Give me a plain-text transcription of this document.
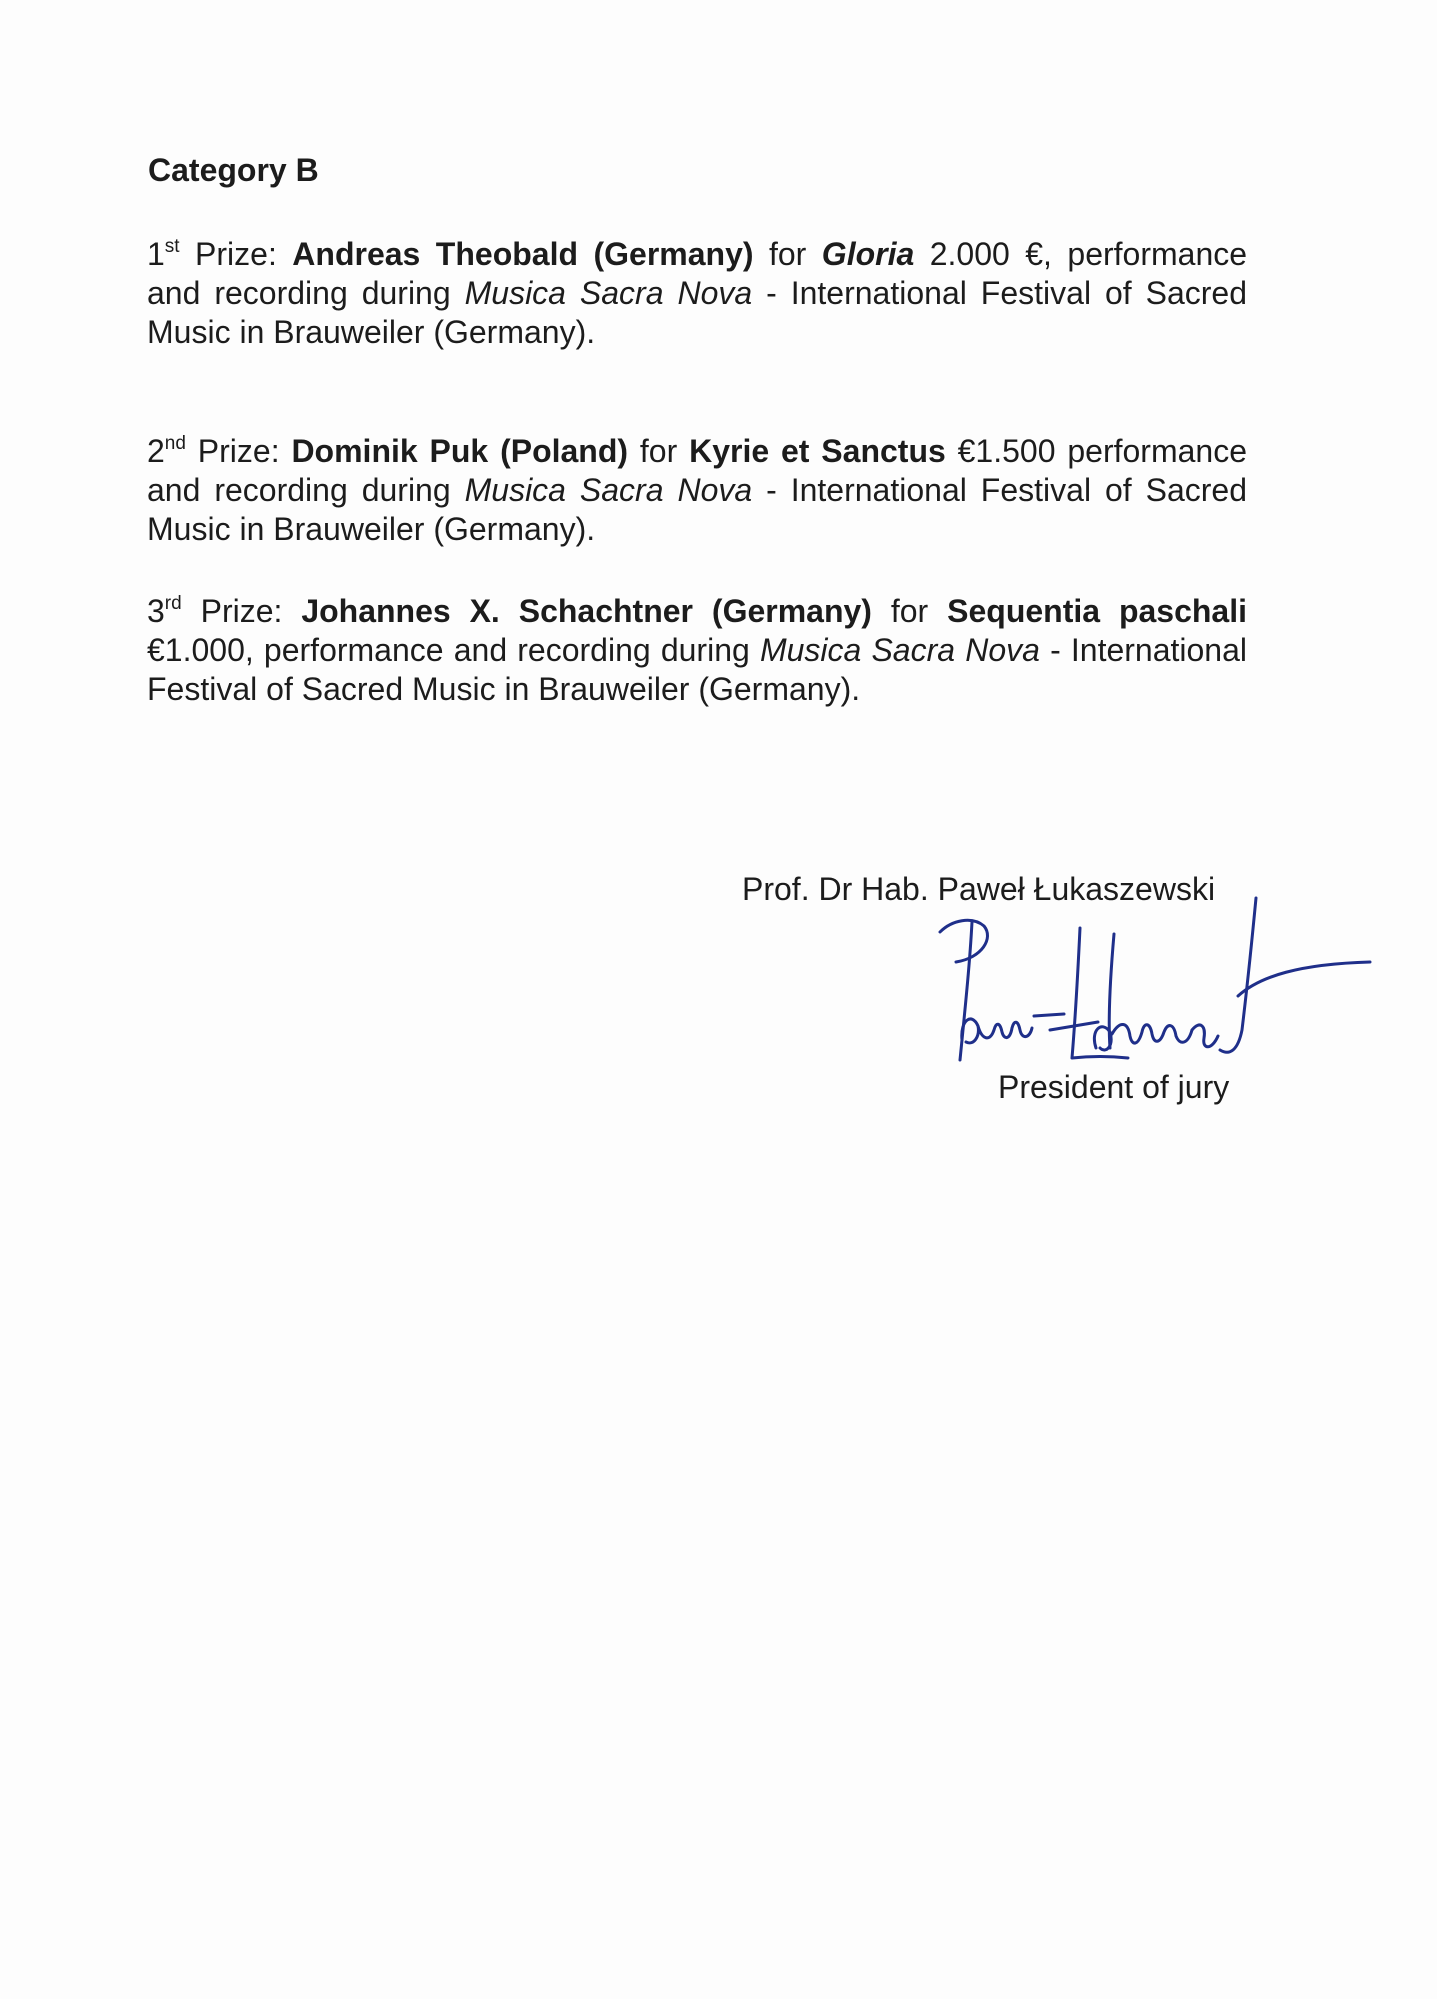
Category B
1st Prize: Andreas Theobald (Germany) for Gloria 2.000 €, performance and recording during Musica Sacra Nova - International Festival of Sacred Music in Brauweiler (Germany).
2nd Prize: Dominik Puk (Poland) for Kyrie et Sanctus €1.500 performance and recording during Musica Sacra Nova - International Festival of Sacred Music in Brauweiler (Germany).
3rd Prize: Johannes X. Schachtner (Germany) for Sequentia paschali €1.000, performance and recording during Musica Sacra Nova - International Festival of Sacred Music in Brauweiler (Germany).
Prof. Dr Hab. Paweł Łukaszewski
President of jury
